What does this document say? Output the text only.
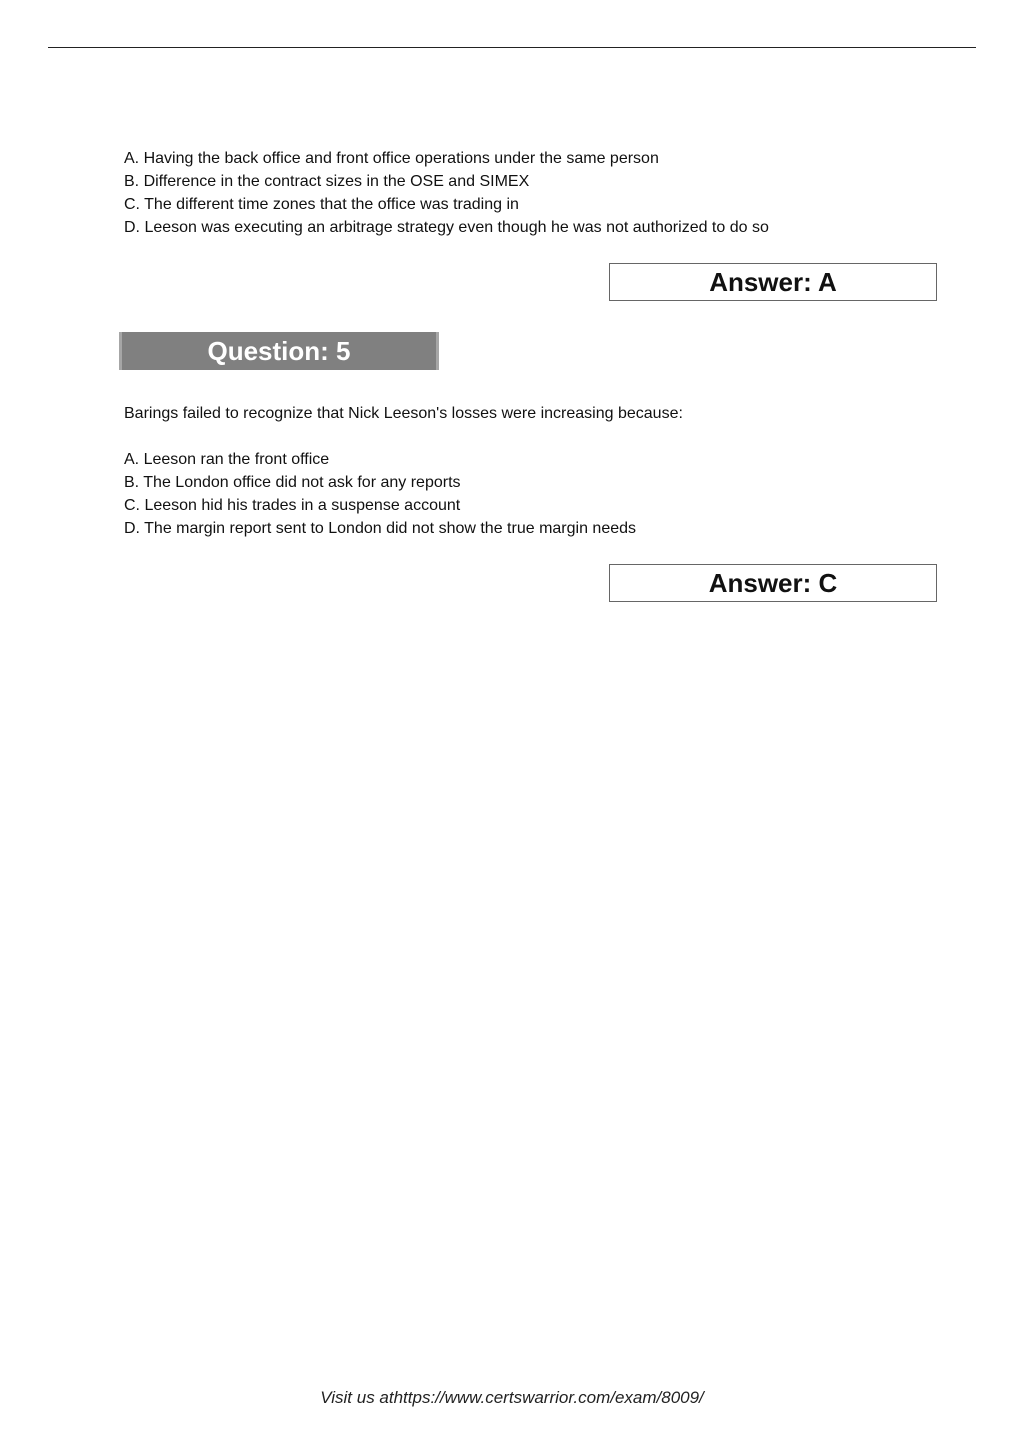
A. Having the back office and front office operations under the same person
B. Difference in the contract sizes in the OSE and SIMEX
C. The different time zones that the office was trading in
D. Leeson was executing an arbitrage strategy even though he was not authorized to do so
Answer: A
Question: 5

Barings failed to recognize that Nick Leeson's losses were increasing because:

A. Leeson ran the front office
B. The London office did not ask for any reports
C. Leeson hid his trades in a suspense account
D. The margin report sent to London did not show the true margin needs
Answer: C
Visit us athttps://www.certswarrior.com/exam/8009/
